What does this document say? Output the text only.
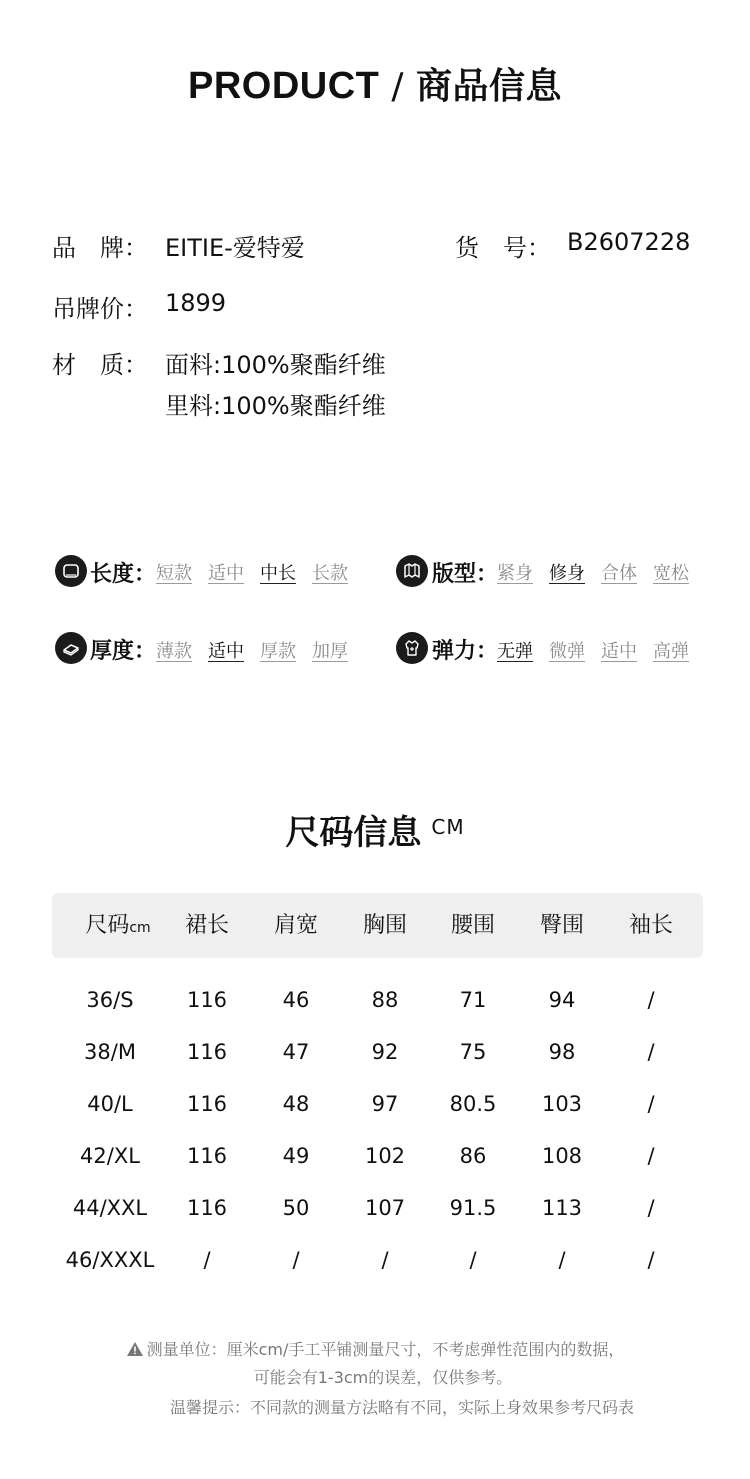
PRODUCT / 商品信息
品　牌： EITIE-爱特爱	货　号： B2607228
吊牌价： 1899
材　质： 面料:100%聚酯纤维
里料:100%聚酯纤维
长度： 短款 适中 中长 长款	版型：
紧身 修身 合体 宽松
厚度： 薄款 适中 厚款 加厚	弹力：
无弹 微弹 适中 高弹
尺码信息 $^{CM}$
尺码cm	裙长	肩宽	胸围	腰围	臀围	袖长
36/S	116	46	88	71	94	/
38/M	116	47	92	75	98	/
40/L	116	48	97	80.5	103	/
42/XL	116	49	102	86	108	/
44/XXL	116	50	107	91.5	113	/
46/XXXL	/	/	/	/	/	/
测量单位：厘米cm/手工平铺测量尺寸，不考虑弹性范围内的数据，
可能会有1-3cm的误差，仅供参考。
温馨提示：不同款的测量方法略有不同，实际上身效果参考尺码表
